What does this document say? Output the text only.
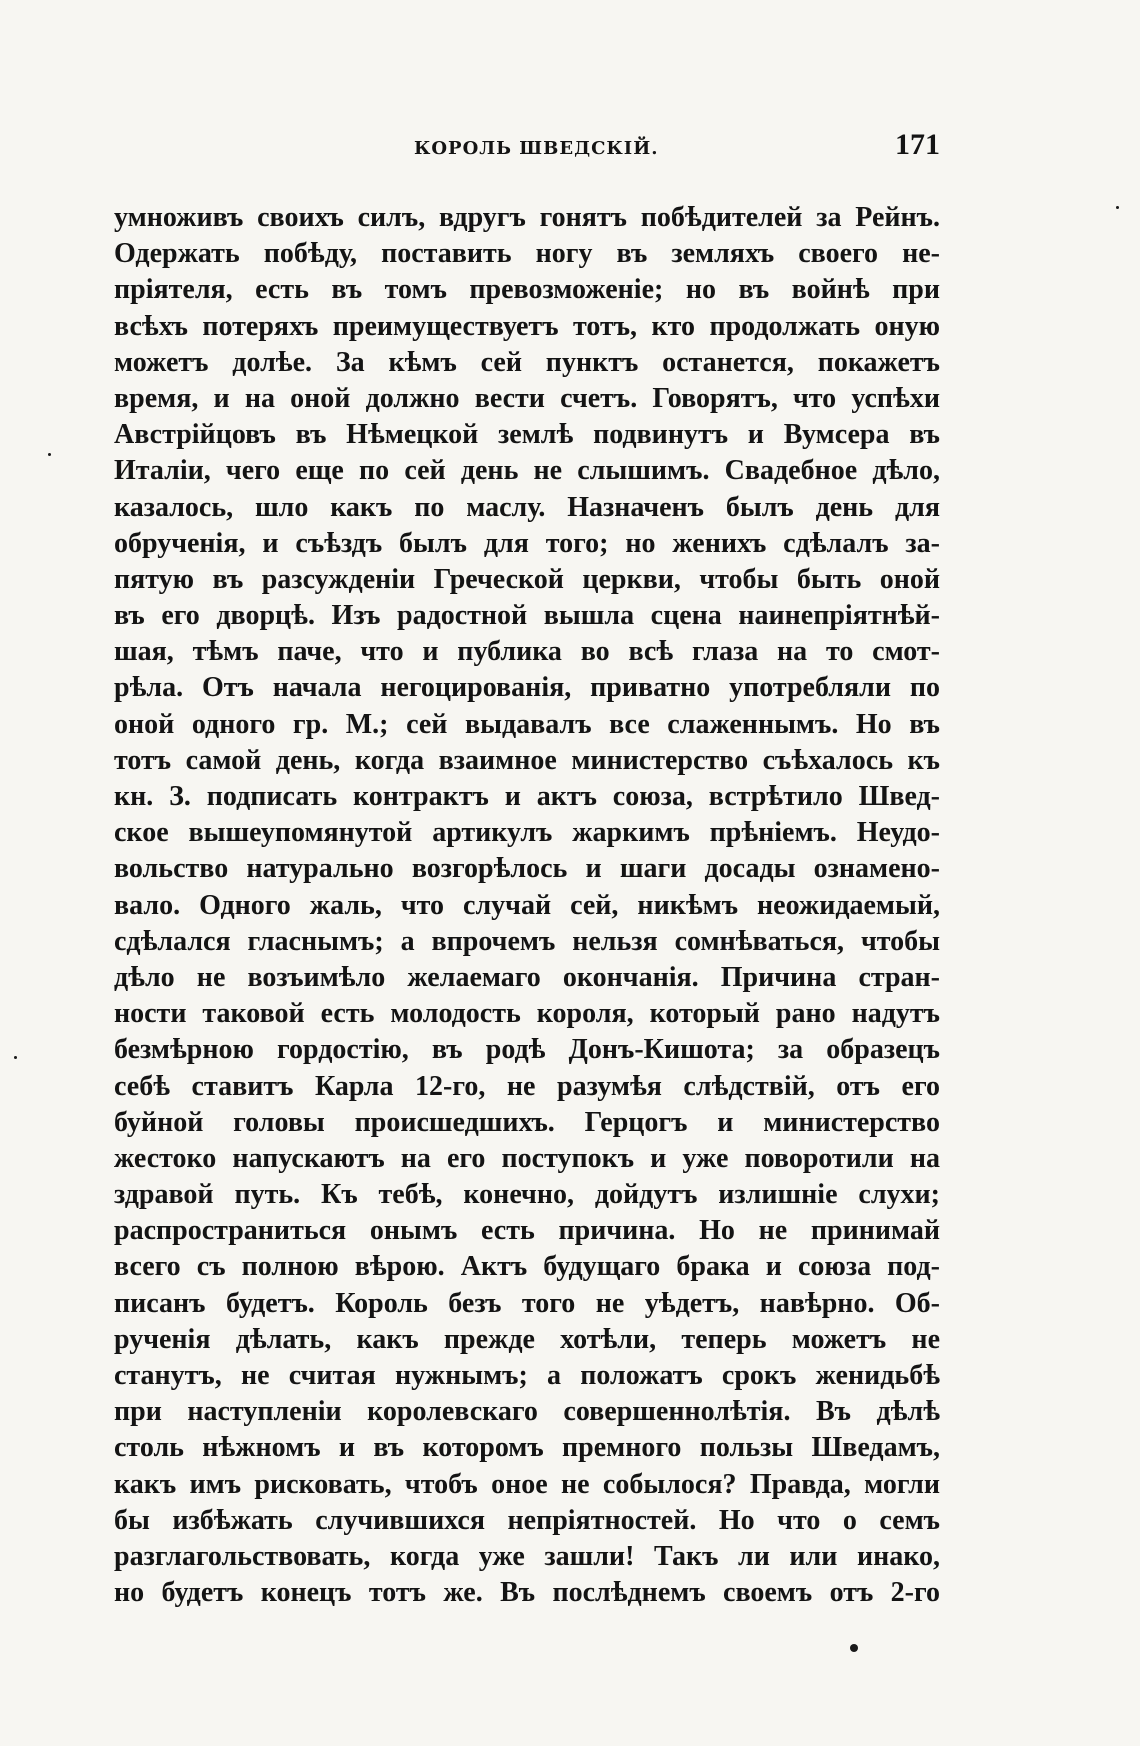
КОРОЛЬ ШВЕДСКІЙ.	171
умноживъ своихъ силъ, вдругъ гонятъ побѣдителей за Рейнъ.
Одержать побѣду, поставить ногу въ земляхъ своего не-
пріятеля, есть въ томъ превозможеніе; но въ войнѣ при
всѣхъ потеряхъ преимуществуетъ тотъ, кто продолжать оную
можетъ долѣе. За кѣмъ сей пунктъ останется, покажетъ
время, и на оной должно вести счетъ. Говорятъ, что успѣхи
Австрійцовъ въ Нѣмецкой землѣ подвинутъ и Вумсера въ
Италіи, чего еще по сей день не слышимъ. Свадебное дѣло,
казалось, шло какъ по маслу. Назначенъ былъ день для
обрученія, и съѣздъ былъ для того; но женихъ сдѣлалъ за-
пятую въ разсужденіи Греческой церкви, чтобы быть оной
въ его дворцѣ. Изъ радостной вышла сцена наинепріятнѣй-
шая, тѣмъ паче, что и публика во всѣ глаза на то смот-
рѣла. Отъ начала негоцированія, приватно употребляли по
оной одного гр. М.; сей выдавалъ все слаженнымъ. Но въ
тотъ самой день, когда взаимное министерство съѣхалось къ
кн. З. подписать контрактъ и актъ союза, встрѣтило Швед-
ское вышеупомянутой артикулъ жаркимъ прѣніемъ. Неудо-
вольство натурально возгорѣлось и шаги досады ознамено-
вало. Одного жаль, что случай сей, никѣмъ неожидаемый,
сдѣлался гласнымъ; а впрочемъ нельзя сомнѣваться, чтобы
дѣло не возъимѣло желаемаго окончанія. Причина стран-
ности таковой есть молодость короля, который рано надутъ
безмѣрною гордостію, въ родѣ Донъ-Кишота; за образецъ
себѣ ставитъ Карла 12-го, не разумѣя слѣдствій, отъ его
буйной головы происшедшихъ. Герцогъ и министерство
жестоко напускаютъ на его поступокъ и уже поворотили на
здравой путь. Къ тебѣ, конечно, дойдутъ излишніе слухи;
распространиться онымъ есть причина. Но не принимай
всего съ полною вѣрою. Актъ будущаго брака и союза под-
писанъ будетъ. Король безъ того не уѣдетъ, навѣрно. Об-
рученія дѣлать, какъ прежде хотѣли, теперь можетъ не
станутъ, не считая нужнымъ; а положатъ срокъ женидьбѣ
при наступленіи королевскаго совершеннолѣтія. Въ дѣлѣ
столь нѣжномъ и въ которомъ премного пользы Шведамъ,
какъ имъ рисковать, чтобъ оное не собылося? Правда, могли
бы избѣжать случившихся непріятностей. Но что о семъ
разглагольствовать, когда уже зашли! Такъ ли или инако,
но будетъ конецъ тотъ же. Въ послѣднемъ своемъ отъ 2-го
